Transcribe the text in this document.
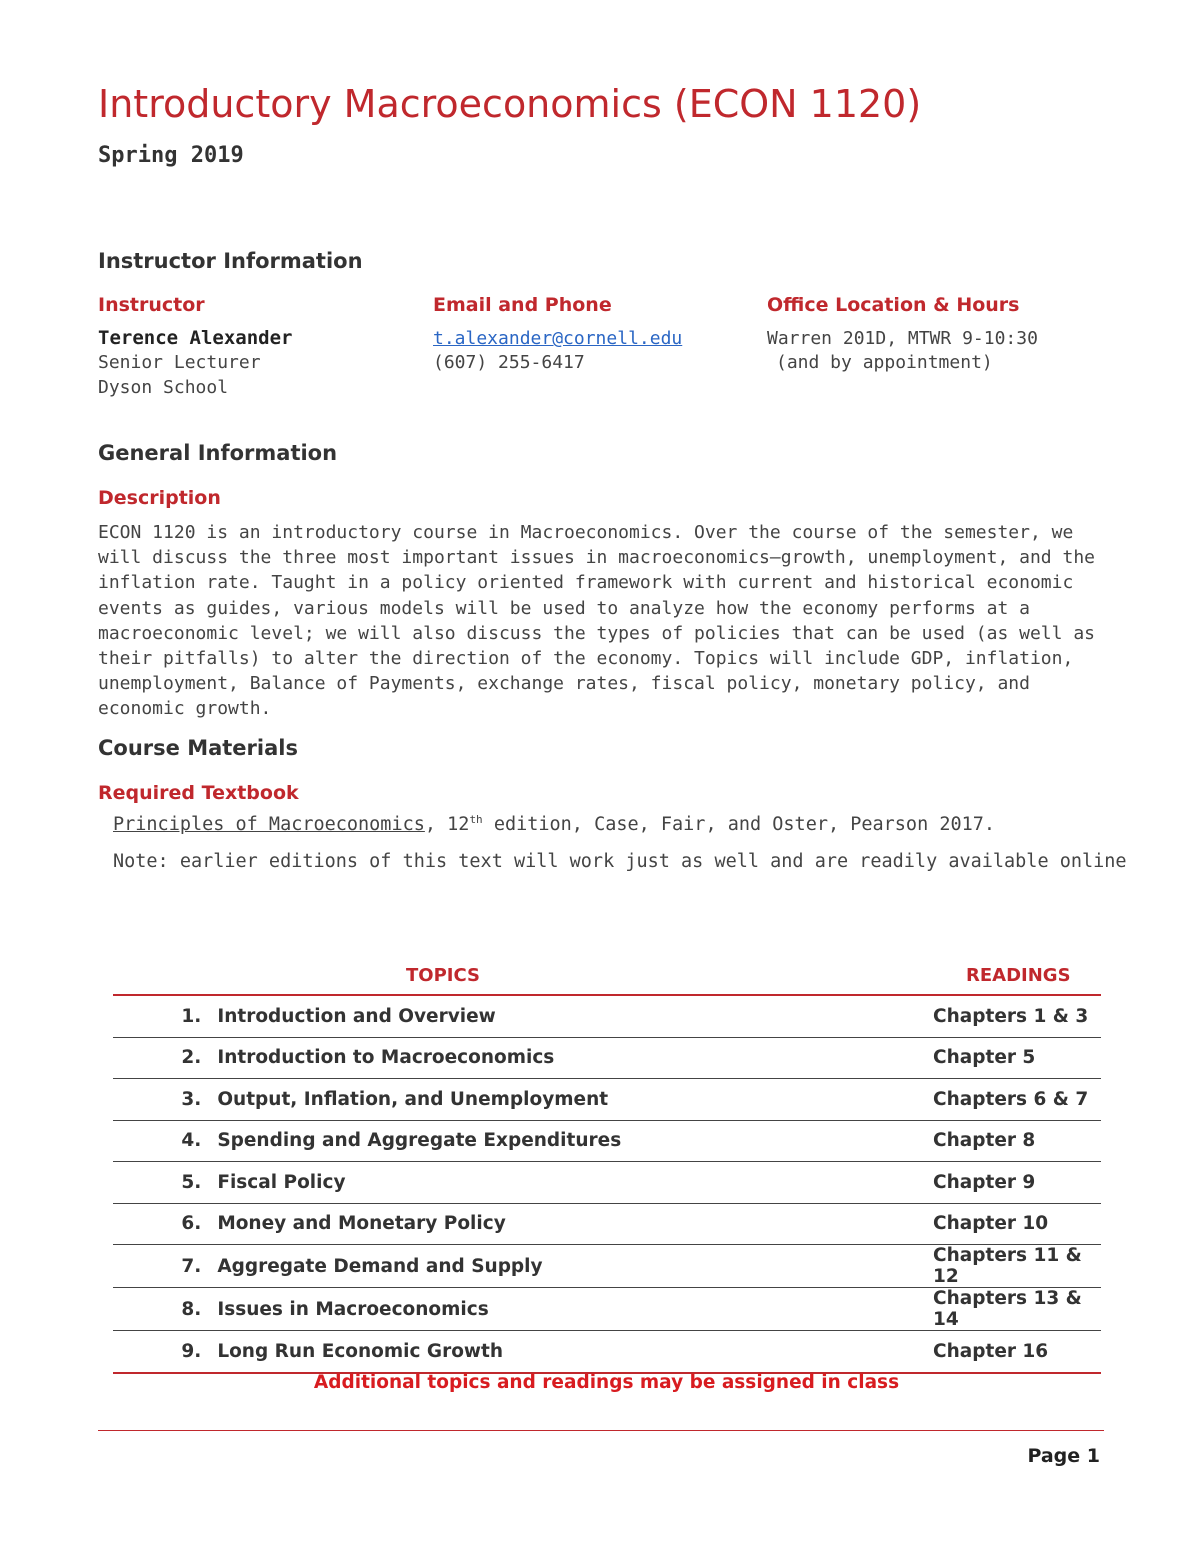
Introductory Macroeconomics (ECON 1120)
Spring 2019
Instructor Information
Instructor
Terence Alexander
Senior Lecturer
Dyson School
Email and Phone
t.alexander@cornell.edu
(607) 255-6417
Office Location & Hours
Warren 201D, MTWR 9-10:30
(and by appointment)
General Information
Description

ECON 1120 is an introductory course in Macroeconomics. Over the course of the semester, we will discuss the three most important issues in macroeconomics—growth, unemployment, and the inflation rate. Taught in a policy oriented framework with current and historical economic events as guides, various models will be used to analyze how the economy performs at a macroeconomic level; we will also discuss the types of policies that can be used (as well as their pitfalls) to alter the direction of the economy. Topics will include GDP, inflation, unemployment, Balance of Payments, exchange rates, fiscal policy, monetary policy, and economic growth.

Course Materials
Required Textbook
Principles of Macroeconomics, 12th edition, Case, Fair, and Oster, Pearson 2017.
Note: earlier editions of this text will work just as well and are readily available online
TOPICS		READINGS
1.	Introduction and Overview	Chapters 1 & 3
2.	Introduction to Macroeconomics	Chapter 5
3.	Output, Inflation, and Unemployment	Chapters 6 & 7
4.	Spending and Aggregate Expenditures	Chapter 8
5.	Fiscal Policy	Chapter 9
6.	Money and Monetary Policy	Chapter 10
7.	Aggregate Demand and Supply	Chapters 11 & 12
8.	Issues in Macroeconomics	Chapters 13 & 14
9.	Long Run Economic Growth	Chapter 16
Additional topics and readings may be assigned in class
Page 1
